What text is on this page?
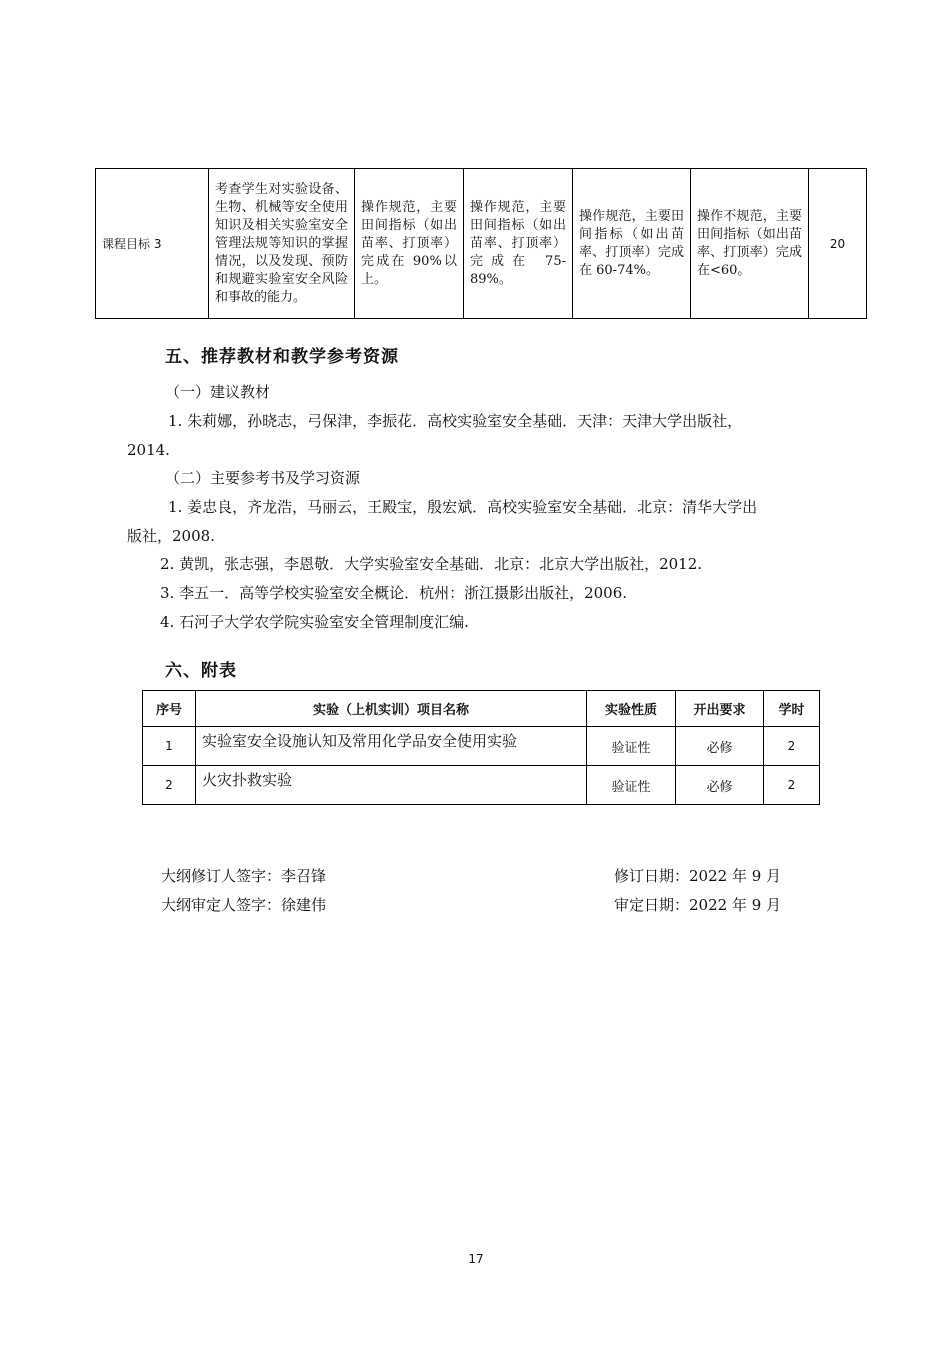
课程目标 3	考查学生对实验设备、生物、机械等安全使用知识及相关实验室安全管理法规等知识的掌握情况，以及发现、预防和规避实验室安全风险和事故的能力。	操作规范，主要田间指标（如出苗率、打顶率）完成在 90%以上。	操作规范，主要田间指标（如出苗率、打顶率）完成在 75-89%。	操作规范，主要田间指标（如出苗率、打顶率）完成在 60-74%。	操作不规范，主要田间指标（如出苗率、打顶率）完成在<60。	20
五、推荐教材和教学参考资源
（一）建议教材
1. 朱莉娜，孙晓志，弓保津，李振花．高校实验室安全基础．天津：天津大学出版社，
2014.
（二）主要参考书及学习资源
1. 姜忠良，齐龙浩，马丽云，王殿宝，殷宏斌．高校实验室安全基础．北京：清华大学出
版社，2008.
2. 黄凯，张志强，李恩敬．大学实验室安全基础．北京：北京大学出版社，2012.
3. 李五一．高等学校实验室安全概论．杭州：浙江摄影出版社，2006.
4. 石河子大学农学院实验室安全管理制度汇编.
六、附表
序号	实验（上机实训）项目名称	实验性质	开出要求	学时
1	实验室安全设施认知及常用化学品安全使用实验	验证性	必修	2
2	火灾扑救实验	验证性	必修	2
大纲修订人签字：李召锋	修订日期：2022 年 9 月
大纲审定人签字：徐建伟	审定日期：2022 年 9 月
17
